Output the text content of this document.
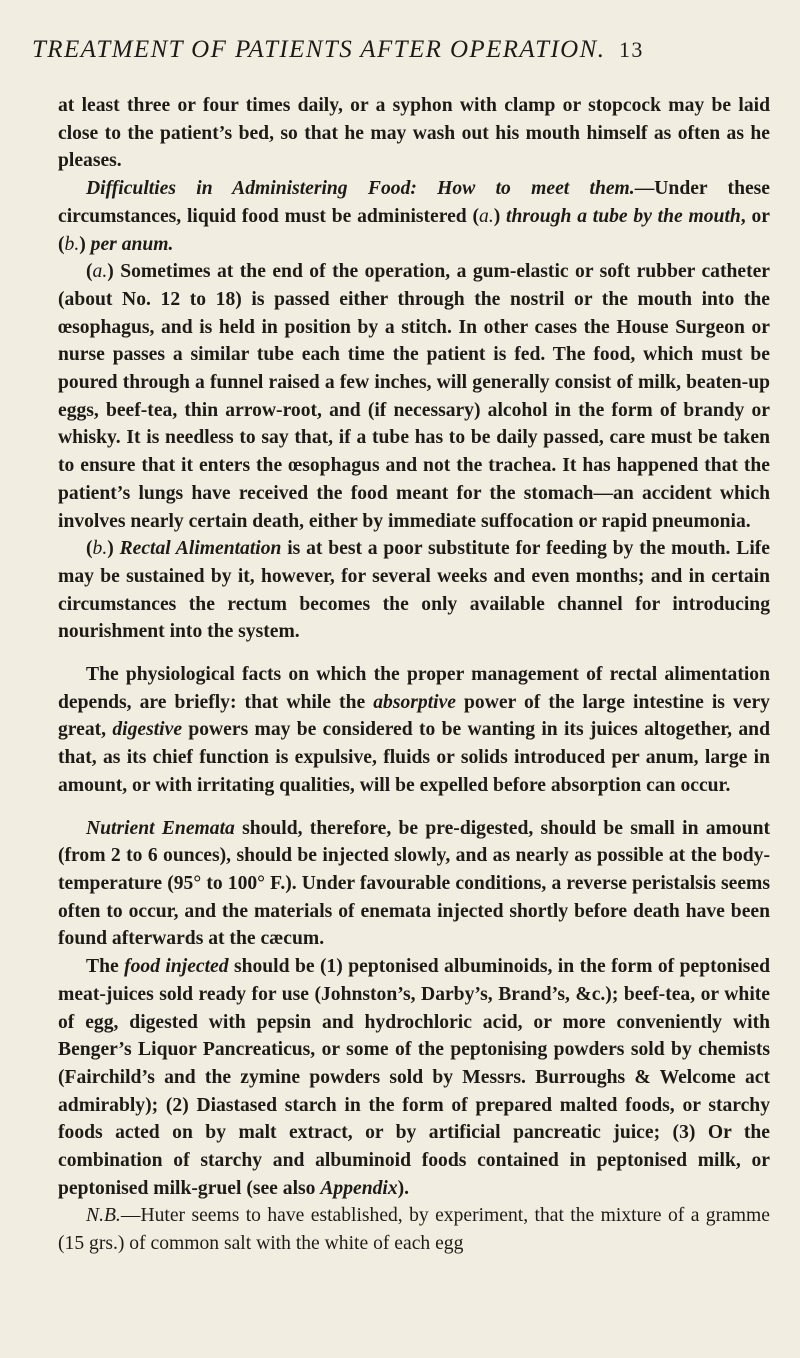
TREATMENT OF PATIENTS AFTER OPERATION. 13

at least three or four times daily, or a syphon with clamp or stopcock may be laid close to the patient’s bed, so that he may wash out his mouth himself as often as he pleases.

Difficulties in Administering Food: How to meet them.—Under these circumstances, liquid food must be administered (a.) through a tube by the mouth, or (b.) per anum.

(a.) Sometimes at the end of the operation, a gum-elastic or soft rubber catheter (about No. 12 to 18) is passed either through the nostril or the mouth into the œsophagus, and is held in position by a stitch. In other cases the House Surgeon or nurse passes a similar tube each time the patient is fed. The food, which must be poured through a funnel raised a few inches, will generally consist of milk, beaten-up eggs, beef-tea, thin arrow-root, and (if necessary) alcohol in the form of brandy or whisky. It is needless to say that, if a tube has to be daily passed, care must be taken to ensure that it enters the œsophagus and not the trachea. It has happened that the patient’s lungs have received the food meant for the stomach—an accident which involves nearly certain death, either by immediate suffocation or rapid pneumonia.

(b.) Rectal Alimentation is at best a poor substitute for feeding by the mouth. Life may be sustained by it, however, for several weeks and even months; and in certain circumstances the rectum becomes the only available channel for introducing nourishment into the system.

The physiological facts on which the proper management of rectal alimentation depends, are briefly: that while the absorptive power of the large intestine is very great, digestive powers may be considered to be wanting in its juices altogether, and that, as its chief function is expulsive, fluids or solids introduced per anum, large in amount, or with irritating qualities, will be expelled before absorption can occur.

Nutrient Enemata should, therefore, be pre-digested, should be small in amount (from 2 to 6 ounces), should be injected slowly, and as nearly as possible at the body-temperature (95° to 100° F.). Under favourable conditions, a reverse peristalsis seems often to occur, and the materials of enemata injected shortly before death have been found afterwards at the cæcum.

The food injected should be (1) peptonised albuminoids, in the form of peptonised meat-juices sold ready for use (Johnston’s, Darby’s, Brand’s, &c.); beef-tea, or white of egg, digested with pepsin and hydrochloric acid, or more conveniently with Benger’s Liquor Pancreaticus, or some of the peptonising powders sold by chemists (Fairchild’s and the zymine powders sold by Messrs. Burroughs & Welcome act admirably); (2) Diastased starch in the form of prepared malted foods, or starchy foods acted on by malt extract, or by artificial pancreatic juice; (3) Or the combination of starchy and albuminoid foods contained in peptonised milk, or peptonised milk-gruel (see also Appendix).

N.B.—Huter seems to have established, by experiment, that the mixture of a gramme (15 grs.) of common salt with the white of each egg
